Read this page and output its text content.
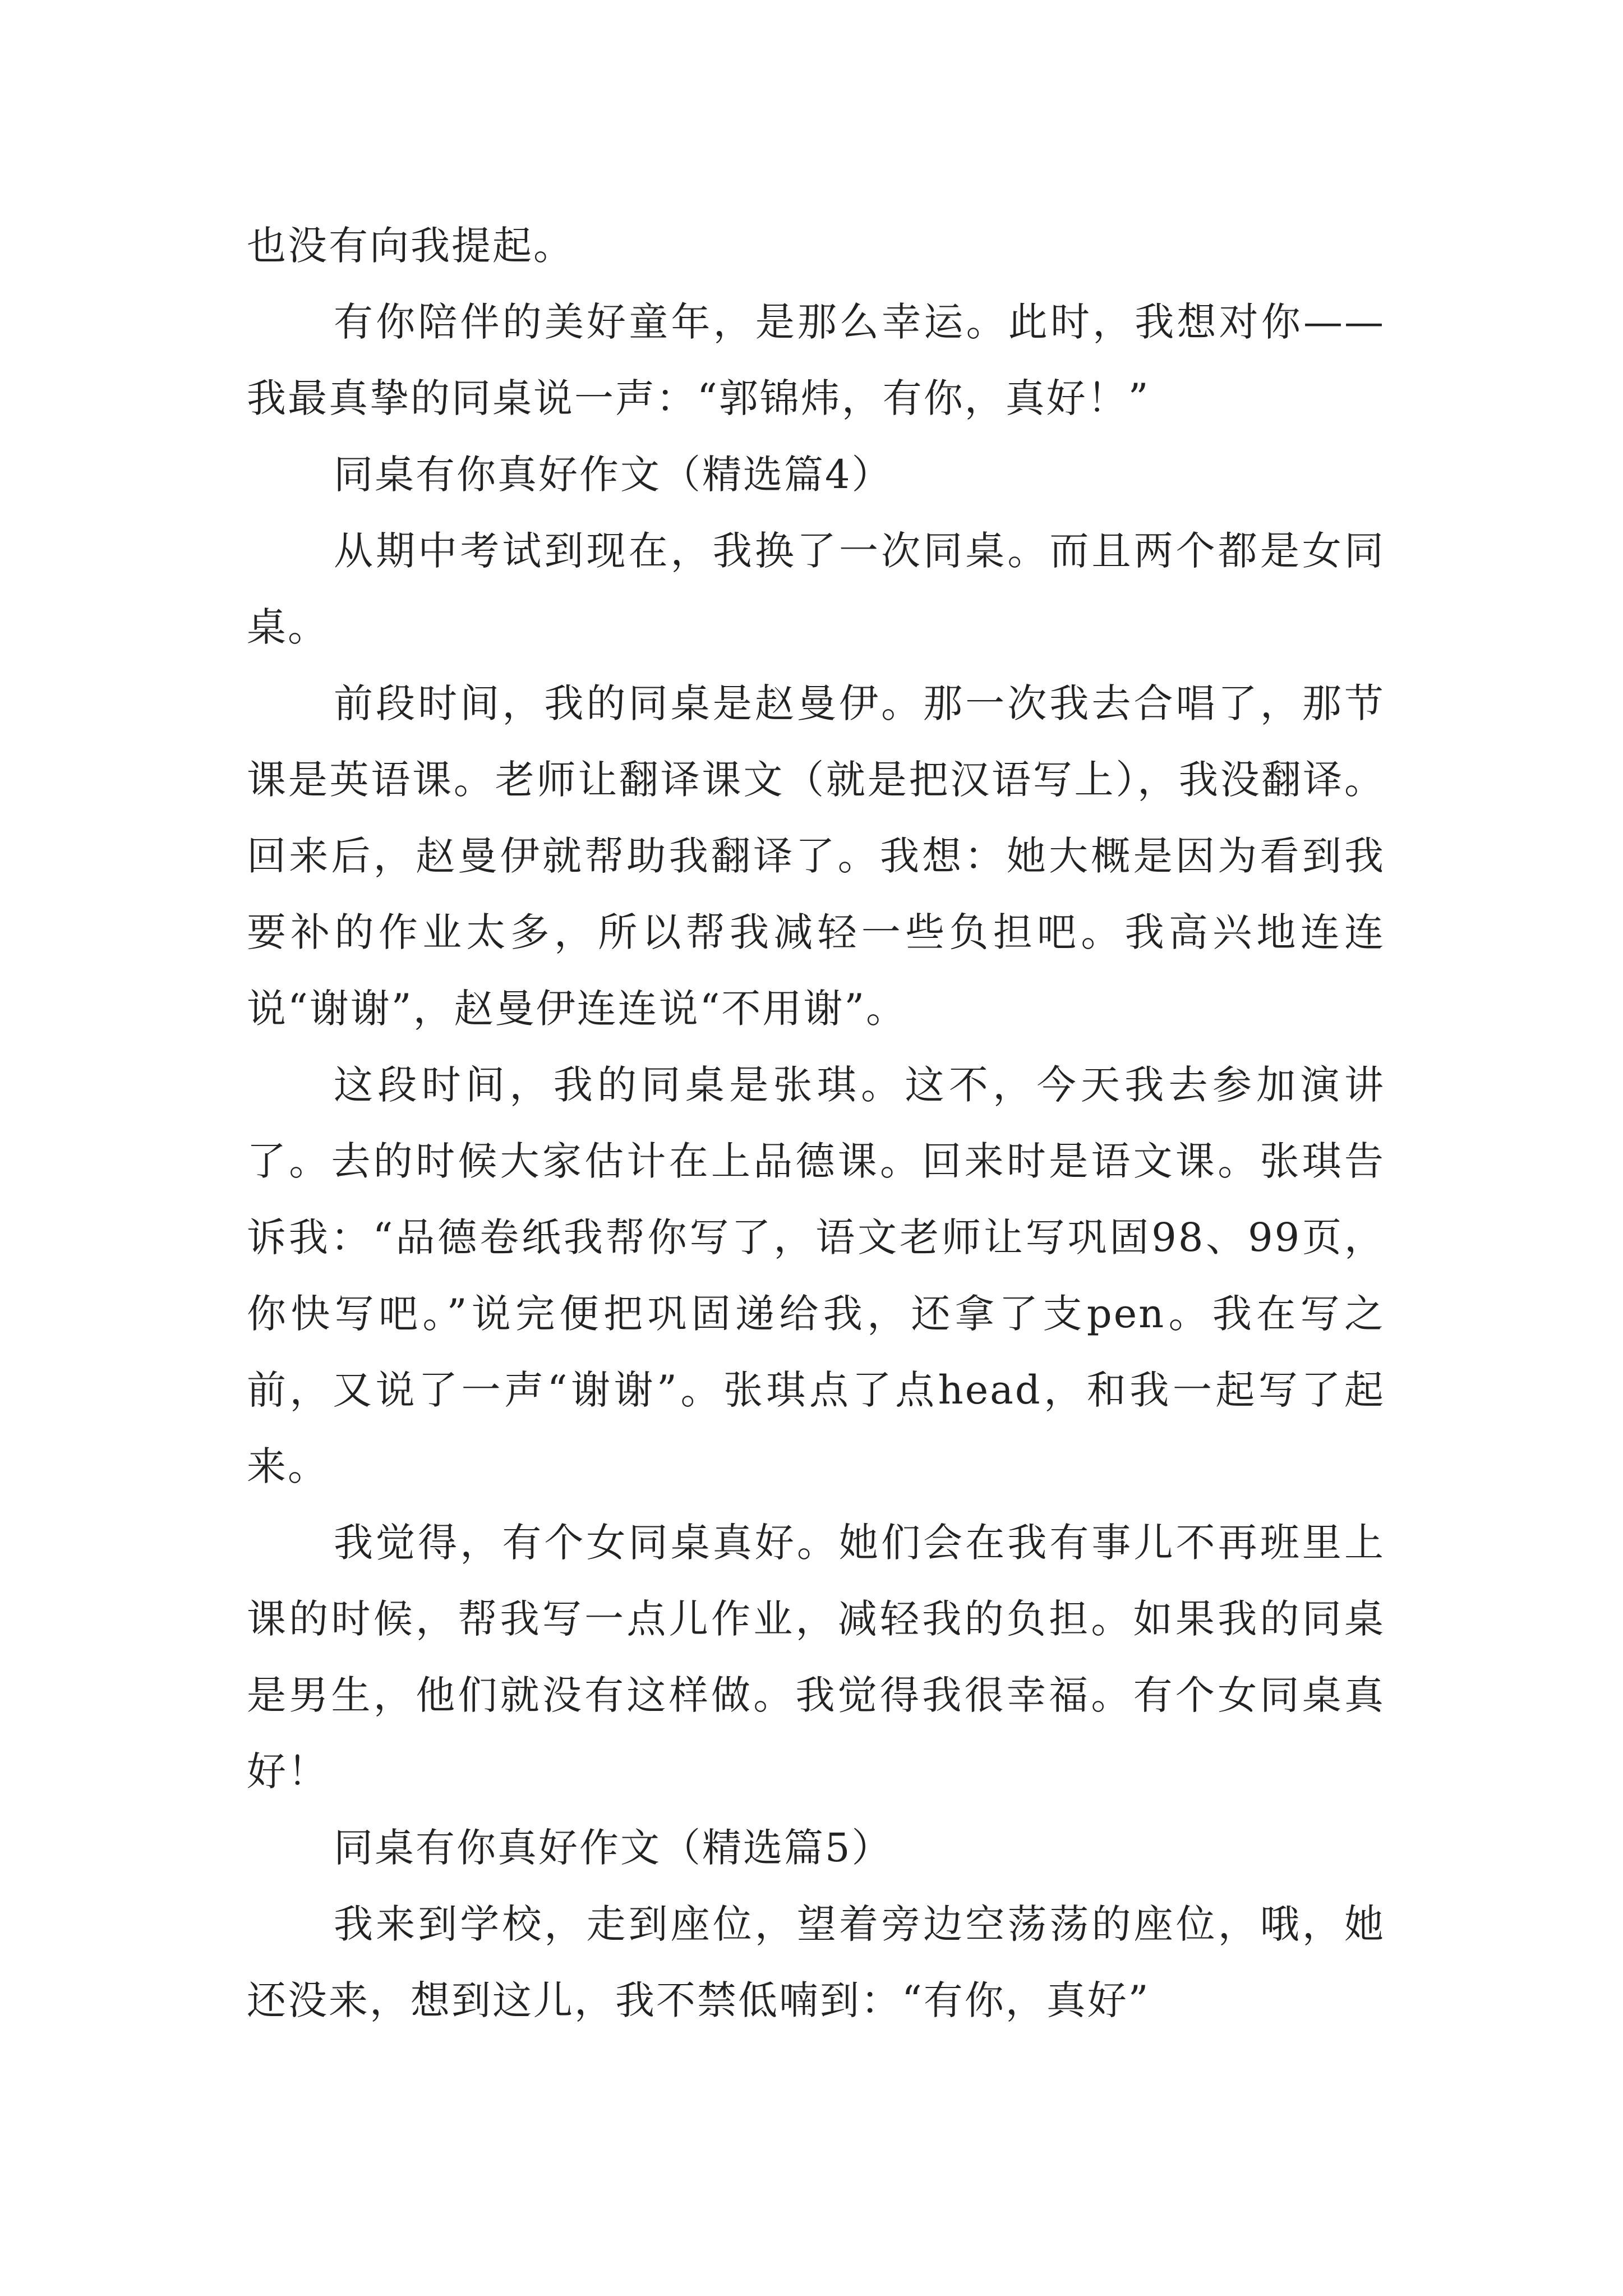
也没有向我提起。

有你陪伴的美好童年，是那么幸运。此时，我想对你——我最真挚的同桌说一声：“郭锦炜，有你，真好！”

同桌有你真好作文（精选篇4）

从期中考试到现在，我换了一次同桌。而且两个都是女同桌。

前段时间，我的同桌是赵曼伊。那一次我去合唱了，那节课是英语课。老师让翻译课文（就是把汉语写上），我没翻译。回来后，赵曼伊就帮助我翻译了。我想：她大概是因为看到我要补的作业太多，所以帮我减轻一些负担吧。我高兴地连连说“谢谢”，赵曼伊连连说“不用谢”。

这段时间，我的同桌是张琪。这不，今天我去参加演讲了。去的时候大家估计在上品德课。回来时是语文课。张琪告诉我：“品德卷纸我帮你写了，语文老师让写巩固98、99页，你快写吧。”说完便把巩固递给我，还拿了支pen。我在写之前，又说了一声“谢谢”。张琪点了点head，和我一起写了起来。

我觉得，有个女同桌真好。她们会在我有事儿不再班里上课的时候，帮我写一点儿作业，减轻我的负担。如果我的同桌是男生，他们就没有这样做。我觉得我很幸福。有个女同桌真好！

同桌有你真好作文（精选篇5）

我来到学校，走到座位，望着旁边空荡荡的座位，哦，她还没来，想到这儿，我不禁低喃到：“有你，真好”
